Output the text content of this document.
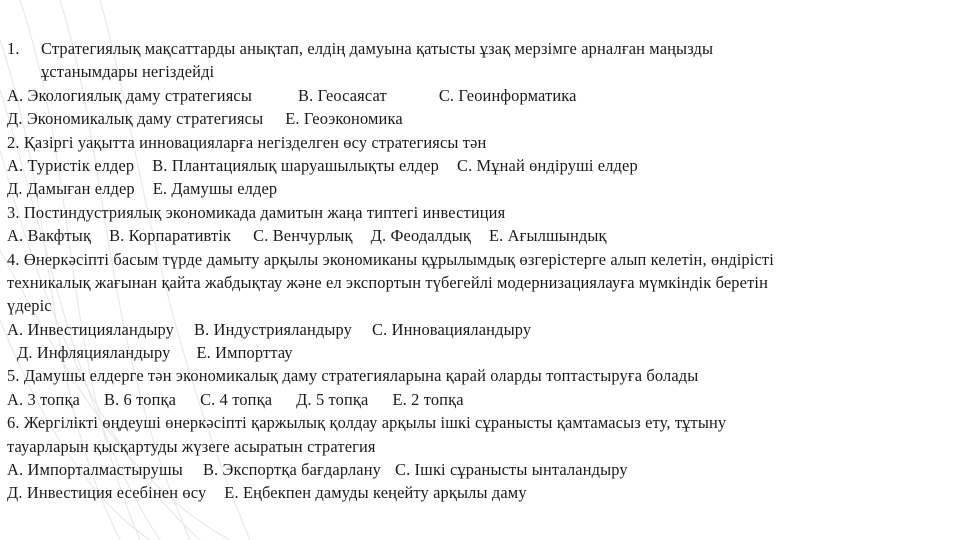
1. Стратегиялық мақсаттарды анықтап, елдің дамуына қатысты ұзақ мерзімге арналған маңызды
ұстанымдары негіздейді
А. Экологиялық даму стратегиясы	В. Геосаясат	С. Геоинформатика
Д. Экономикалық даму стратегиясы Е. Геоэкономика
2. Қазіргі уақытта инновацияларға негізделген өсу стратегиясы тән
А. Туристік елдер В. Плантациялық шаруашылықты елдер С. Мұнай өндіруші елдер
Д. Дамыған елдер Е. Дамушы елдер
3. Постиндустриялық экономикада дамитын жаңа типтегі инвестиция
А. Вакфтық В. Корпаративтік С. Венчурлық Д. Феодалдық Е. Ағылшындық
4. Өнеркәсіпті басым түрде дамыту арқылы экономиканы құрылымдық өзгерістерге алып келетін, өндірісті
техникалық жағынан қайта жабдықтау және ел экспортын түбегейлі модернизациялауға мүмкіндік беретін
үдеріс
А. Инвестицияландыру В. Индустрияландыру С. Инновацияландыру
Д. Инфляцияландыру Е. Импорттау
5. Дамушы елдерге тән экономикалық даму стратегияларына қарай оларды топтастыруға болады
А. 3 топқа В. 6 топқа С. 4 топқа Д. 5 топқа Е. 2 топқа
6. Жергілікті өңдеуші өнеркәсіпті қаржылық қолдау арқылы ішкі сұранысты қамтамасыз ету, тұтыну
тауарларын қысқартуды жүзеге асыратын стратегия
А. Импорталмастырушы В. Экспортқа бағдарлану С. Ішкі сұранысты ынталандыру
Д. Инвестиция есебінен өсу Е. Еңбекпен дамуды кеңейту арқылы даму
